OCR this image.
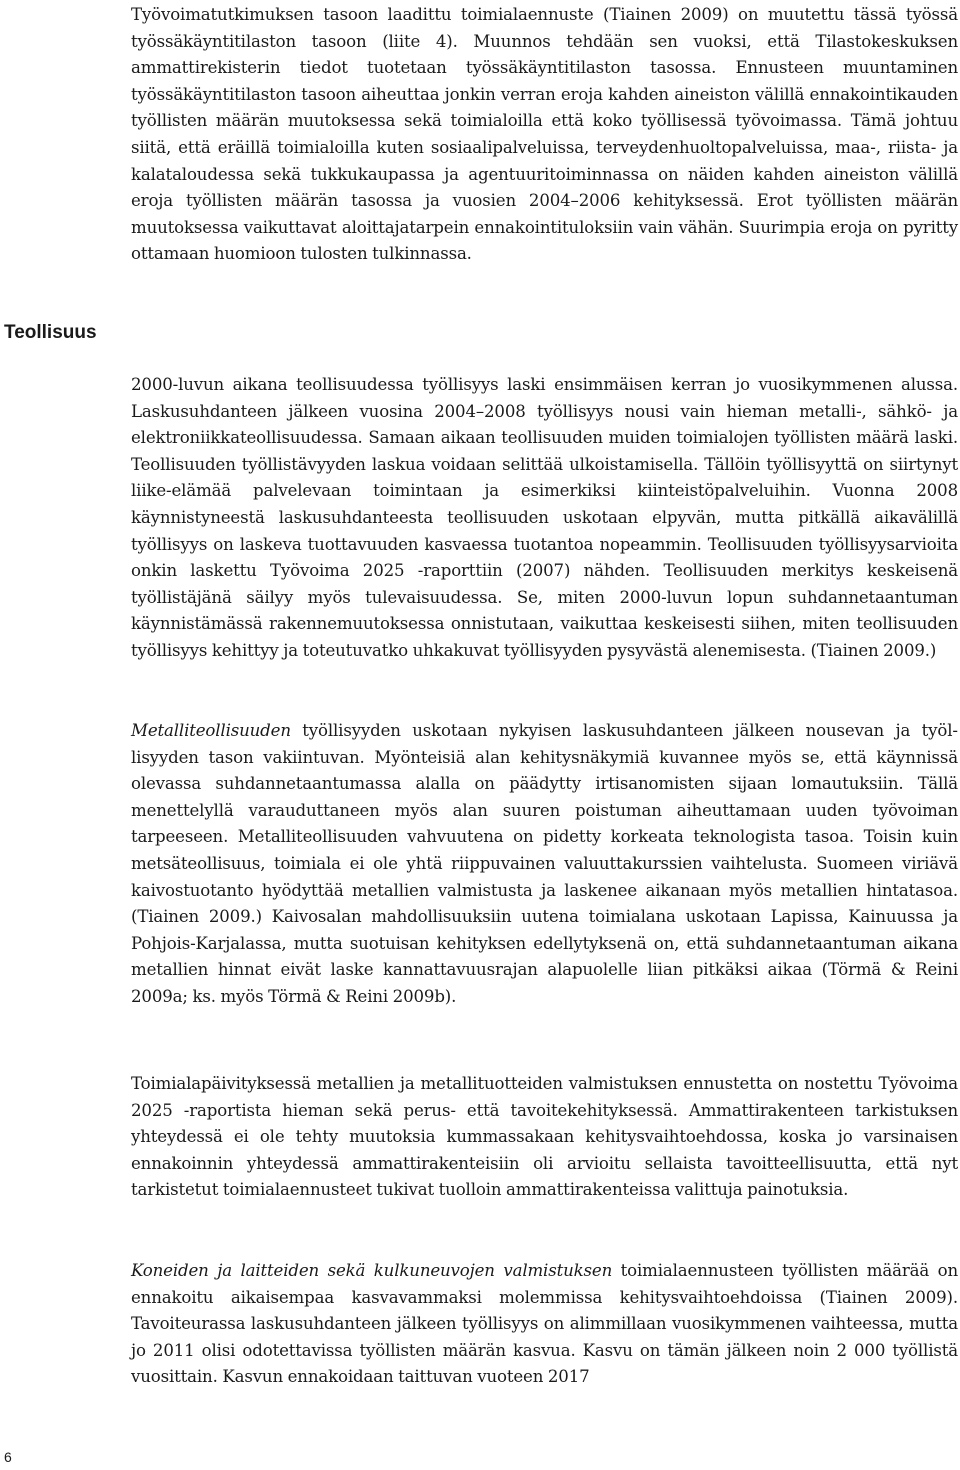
Työvoimatutkimuksen tasoon laadittu toimialaennuste (Tiainen 2009) on muutettu tässä työssä työssäkäyntitilaston tasoon (liite 4). Muunnos tehdään sen vuoksi, että Tilastokeskuksen ammattirekisterin tiedot tuotetaan työssäkäyntitilaston tasossa. Ennusteen muuntaminen työssäkäyntitilaston tasoon aiheuttaa jonkin verran eroja kahden aineiston välillä ennakointikauden työllisten määrän muutoksessa sekä toimialoilla että koko työllisessä työvoimassa. Tämä johtuu siitä, että eräillä toimialoilla kuten sosiaalipalveluissa, terveydenhuoltopalveluissa, maa-, riista- ja kalataloudessa sekä tukkukaupassa ja agentuuritoiminnassa on näiden kahden aineiston välillä eroja työllisten määrän tasossa ja vuosien 2004–2006 kehityksessä. Erot työllisten määrän muutoksessa vaikuttavat aloittajatarpein ennakointituloksiin vain vähän. Suurimpia eroja on pyritty ottamaan huomioon tulosten tulkinnassa.

Teollisuus

2000-luvun aikana teollisuudessa työllisyys laski ensimmäisen kerran jo vuosikymmenen alussa. Laskusuhdanteen jälkeen vuosina 2004–2008 työllisyys nousi vain hieman metalli-, sähkö- ja elektroniikkateollisuudessa. Samaan aikaan teollisuuden muiden toimialojen työllisten määrä laski. Teollisuuden työllistävyyden laskua voidaan selittää ulkoistamisella. Tällöin työllisyyttä on siirtynyt liike-elämää palvelevaan toimintaan ja esimerkiksi kiinteistöpalveluihin. Vuonna 2008 käynnistyneestä laskusuhdanteesta teollisuuden uskotaan elpyvän, mutta pitkällä aikavälillä työllisyys on laskeva tuottavuuden kasvaessa tuotantoa nopeammin. Teollisuuden työllisyysarvioita onkin laskettu Työvoima 2025 -raporttiin (2007) nähden. Teollisuuden merkitys keskeisenä työllistäjänä säilyy myös tulevaisuudessa. Se, miten 2000-luvun lopun suhdannetaantuman käynnistämässä rakennemuutoksessa onnistutaan, vaikuttaa keskeisesti siihen, miten teollisuuden työllisyys kehittyy ja toteutuvatko uhkakuvat työllisyyden pysyvästä alenemisesta. (Tiainen 2009.)

Metalliteollisuuden työllisyyden uskotaan nykyisen laskusuhdanteen jälkeen nousevan ja työllisyyden tason vakiintuvan. Myönteisiä alan kehitysnäkymiä kuvannee myös se, että käynnissä olevassa suhdannetaantumassa alalla on päädytty irtisanomisten sijaan lomautuksiin. Tällä menettelyllä varauduttaneen myös alan suuren poistuman aiheuttamaan uuden työvoiman tarpeeseen. Metalliteollisuuden vahvuutena on pidetty korkeata teknologista tasoa. Toisin kuin metsäteollisuus, toimiala ei ole yhtä riippuvainen valuuttakurssien vaihtelusta. Suomeen viriävä kaivostuotanto hyödyttää metallien valmistusta ja laskenee aikanaan myös metallien hintatasoa. (Tiainen 2009.) Kaivosalan mahdollisuuksiin uutena toimialana uskotaan Lapissa, Kainuussa ja Pohjois-Karjalassa, mutta suotuisan kehityksen edellytyksenä on, että suhdannetaantuman aikana metallien hinnat eivät laske kannattavuusrajan alapuolelle liian pitkäksi aikaa (Törmä & Reini 2009a; ks. myös Törmä & Reini 2009b).

Toimialapäivityksessä metallien ja metallituotteiden valmistuksen ennustetta on nostettu Työvoima 2025 -raportista hieman sekä perus- että tavoitekehityksessä. Ammattirakenteen tarkistuksen yhteydessä ei ole tehty muutoksia kummassakaan kehitysvaihtoehdossa, koska jo varsinaisen ennakoinnin yhteydessä ammattirakenteisiin oli arvioitu sellaista tavoitteellisuutta, että nyt tarkistetut toimialaennusteet tukivat tuolloin ammattirakenteissa valittuja painotuksia.

Koneiden ja laitteiden sekä kulkuneuvojen valmistuksen toimialaennusteen työllisten määrää on ennakoitu aikaisempaa kasvavammaksi molemmissa kehitysvaihtoehdoissa (Tiainen 2009). Tavoiteurassa laskusuhdanteen jälkeen työllisyys on alimmillaan vuosikymmenen vaihteessa, mutta jo 2011 olisi odotettavissa työllisten määrän kasvua. Kasvu on tämän jälkeen noin 2 000 työllistä vuosittain. Kasvun ennakoidaan taittuvan vuoteen 2017

6
